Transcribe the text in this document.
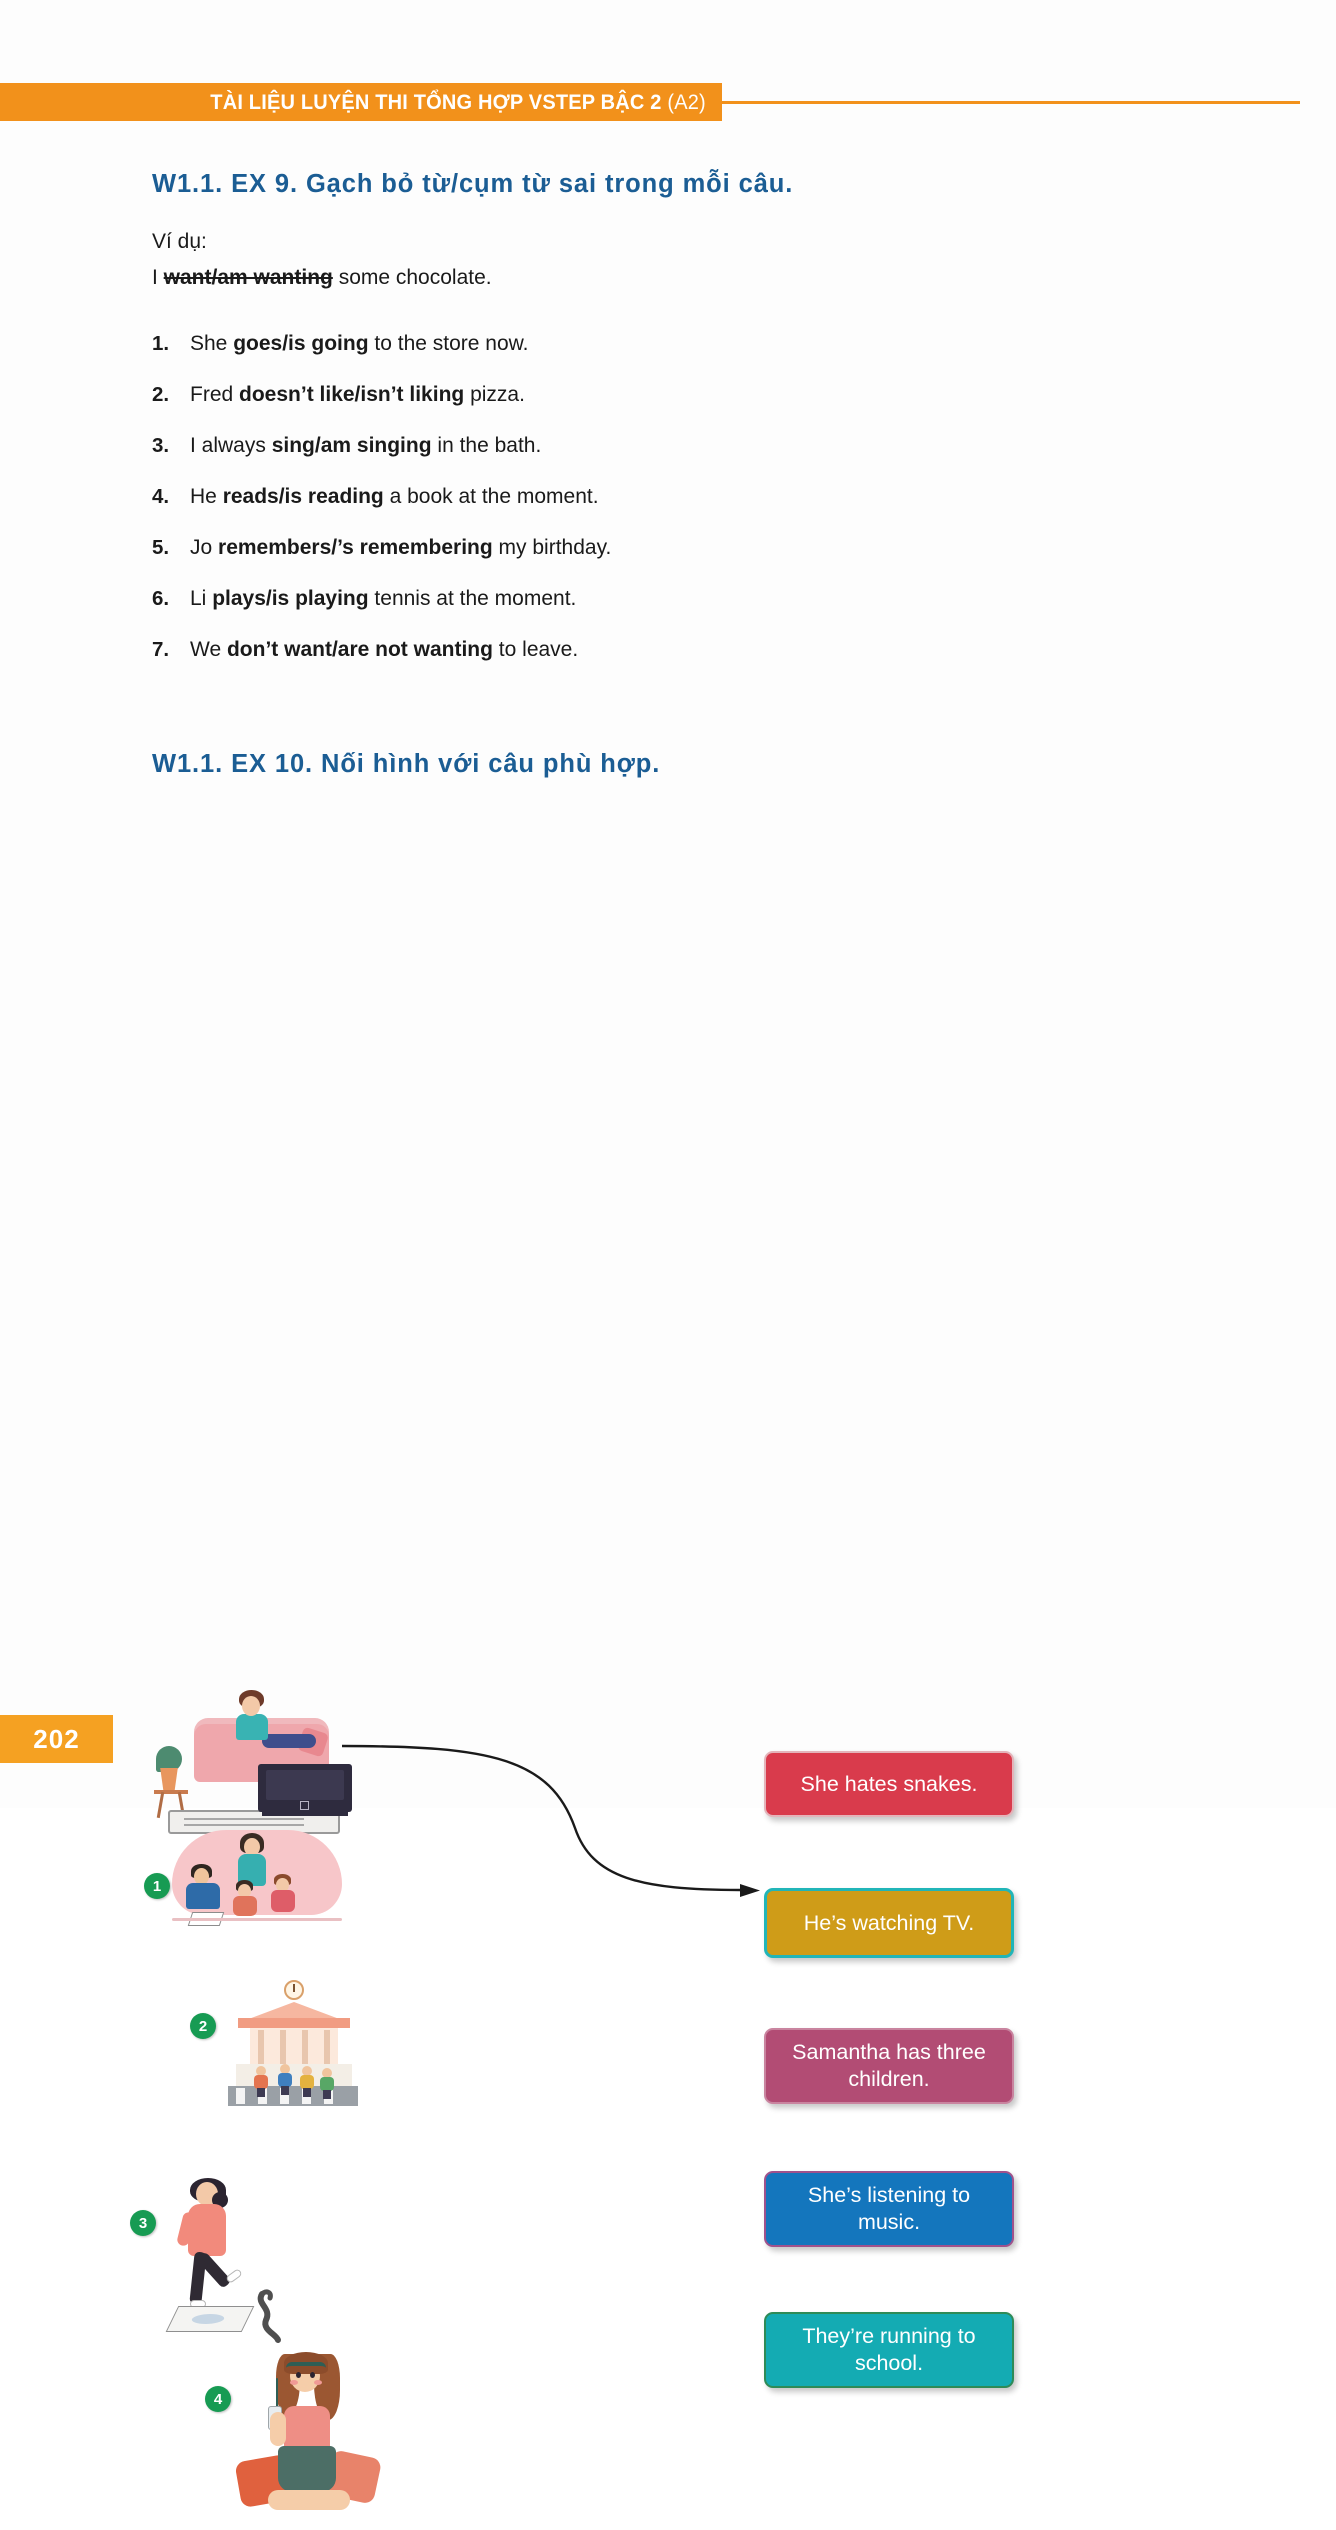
TÀI LIỆU LUYỆN THI TỔNG HỢP VSTEP BẬC 2 (A2)
W1.1. EX 9. Gạch bỏ từ/cụm từ sai trong mỗi câu.
Ví dụ:
I want/am wanting some chocolate.
1. She goes/is going to the store now.
2. Fred doesn’t like/isn’t liking pizza.
3. I always sing/am singing in the bath.
4. He reads/is reading a book at the moment.
5. Jo remembers/’s remembering my birthday.
6. Li plays/is playing tennis at the moment.
7. We don’t want/are not wanting to leave.
W1.1. EX 10. Nối hình với câu phù hợp.
1
2
3
4
She hates snakes.
He’s watching TV.
Samantha has three children.
She’s listening to music.
They’re running to school.
202
